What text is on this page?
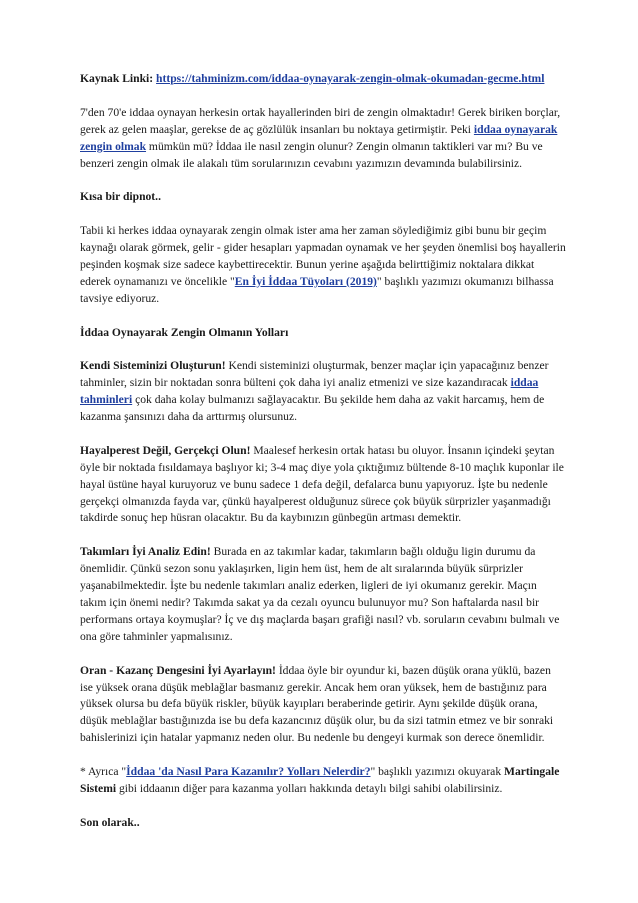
Kaynak Linki: https://tahminizm.com/iddaa-oynayarak-zengin-olmak-okumadan-gecme.html

7'den 70'e iddaa oynayan herkesin ortak hayallerinden biri de zengin olmaktadır! Gerek biriken borçlar, gerek az gelen maaşlar, gerekse de aç gözlülük insanları bu noktaya getirmiştir. Peki iddaa oynayarak zengin olmak mümkün mü? İddaa ile nasıl zengin olunur? Zengin olmanın taktikleri var mı? Bu ve benzeri zengin olmak ile alakalı tüm sorularınızın cevabını yazımızın devamında bulabilirsiniz.

Kısa bir dipnot..

Tabii ki herkes iddaa oynayarak zengin olmak ister ama her zaman söylediğimiz gibi bunu bir geçim kaynağı olarak görmek, gelir - gider hesapları yapmadan oynamak ve her şeyden önemlisi boş hayallerin peşinden koşmak size sadece kaybettirecektir. Bunun yerine aşağıda belirttiğimiz noktalara dikkat ederek oynamanızı ve öncelikle "En İyi İddaa Tüyoları (2019)" başlıklı yazımızı okumanızı bilhassa tavsiye ediyoruz.

İddaa Oynayarak Zengin Olmanın Yolları

Kendi Sisteminizi Oluşturun! Kendi sisteminizi oluşturmak, benzer maçlar için yapacağınız benzer tahminler, sizin bir noktadan sonra bülteni çok daha iyi analiz etmenizi ve size kazandıracak iddaa tahminleri çok daha kolay bulmanızı sağlayacaktır. Bu şekilde hem daha az vakit harcamış, hem de kazanma şansınızı daha da arttırmış olursunuz.

Hayalperest Değil, Gerçekçi Olun! Maalesef herkesin ortak hatası bu oluyor. İnsanın içindeki şeytan öyle bir noktada fısıldamaya başlıyor ki; 3-4 maç diye yola çıktığımız bültende 8-10 maçlık kuponlar ile hayal üstüne hayal kuruyoruz ve bunu sadece 1 defa değil, defalarca bunu yapıyoruz. İşte bu nedenle gerçekçi olmanızda fayda var, çünkü hayalperest olduğunuz sürece çok büyük sürprizler yaşanmadığı takdirde sonuç hep hüsran olacaktır. Bu da kaybınızın günbegün artması demektir.

Takımları İyi Analiz Edin! Burada en az takımlar kadar, takımların bağlı olduğu ligin durumu da önemlidir. Çünkü sezon sonu yaklaşırken, ligin hem üst, hem de alt sıralarında büyük sürprizler yaşanabilmektedir. İşte bu nedenle takımları analiz ederken, ligleri de iyi okumanız gerekir. Maçın takım için önemi nedir? Takımda sakat ya da cezalı oyuncu bulunuyor mu? Son haftalarda nasıl bir performans ortaya koymuşlar? İç ve dış maçlarda başarı grafiği nasıl? vb. soruların cevabını bulmalı ve ona göre tahminler yapmalısınız.

Oran - Kazanç Dengesini İyi Ayarlayın! İddaa öyle bir oyundur ki, bazen düşük orana yüklü, bazen ise yüksek orana düşük meblağlar basmanız gerekir. Ancak hem oran yüksek, hem de bastığınız para yüksek olursa bu defa büyük riskler, büyük kayıpları beraberinde getirir. Aynı şekilde düşük orana, düşük meblağlar bastığınızda ise bu defa kazancınız düşük olur, bu da sizi tatmin etmez ve bir sonraki bahislerinizi için hatalar yapmanız neden olur. Bu nedenle bu dengeyi kurmak son derece önemlidir.

* Ayrıca "İddaa 'da Nasıl Para Kazanılır? Yolları Nelerdir?" başlıklı yazımızı okuyarak Martingale Sistemi gibi iddaanın diğer para kazanma yolları hakkında detaylı bilgi sahibi olabilirsiniz.

Son olarak..
